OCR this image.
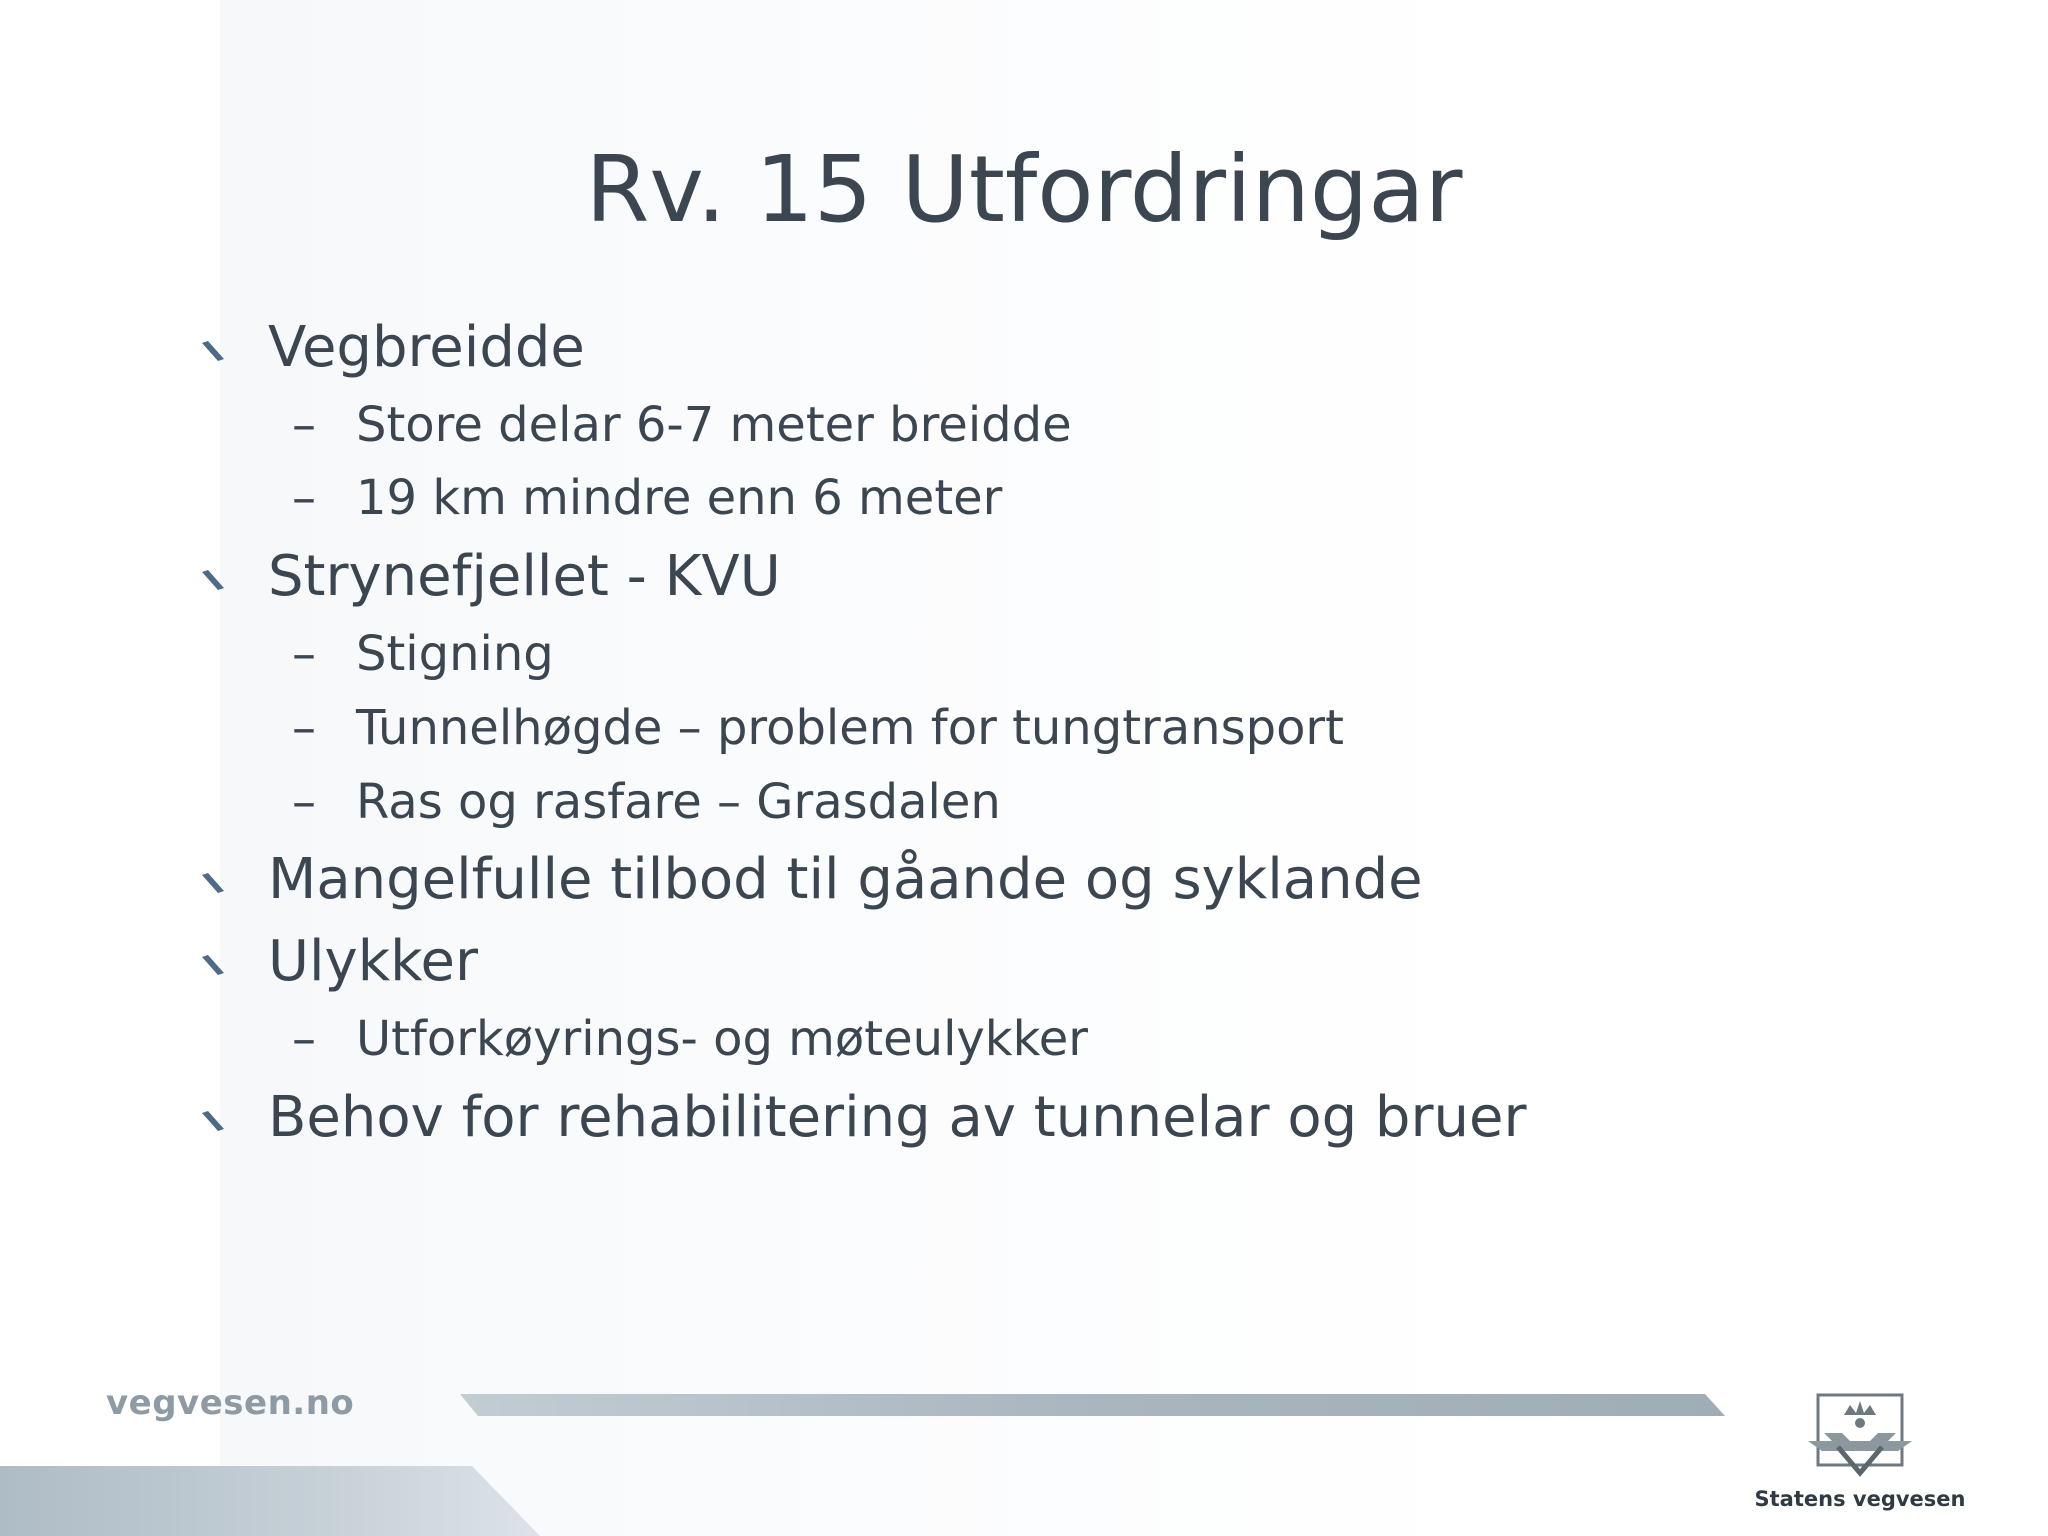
Rv. 15 Utfordringar
Vegbreidde
– Store delar 6-7 meter breidde
– 19 km mindre enn 6 meter
Strynefjellet - KVU
– Stigning
– Tunnelhøgde – problem for tungtransport
– Ras og rasfare – Grasdalen
Mangelfulle tilbod til gåande og syklande
Ulykker
– Utforkøyrings- og møteulykker
Behov for rehabilitering av tunnelar og bruer
vegvesen.no
Statens vegvesen
